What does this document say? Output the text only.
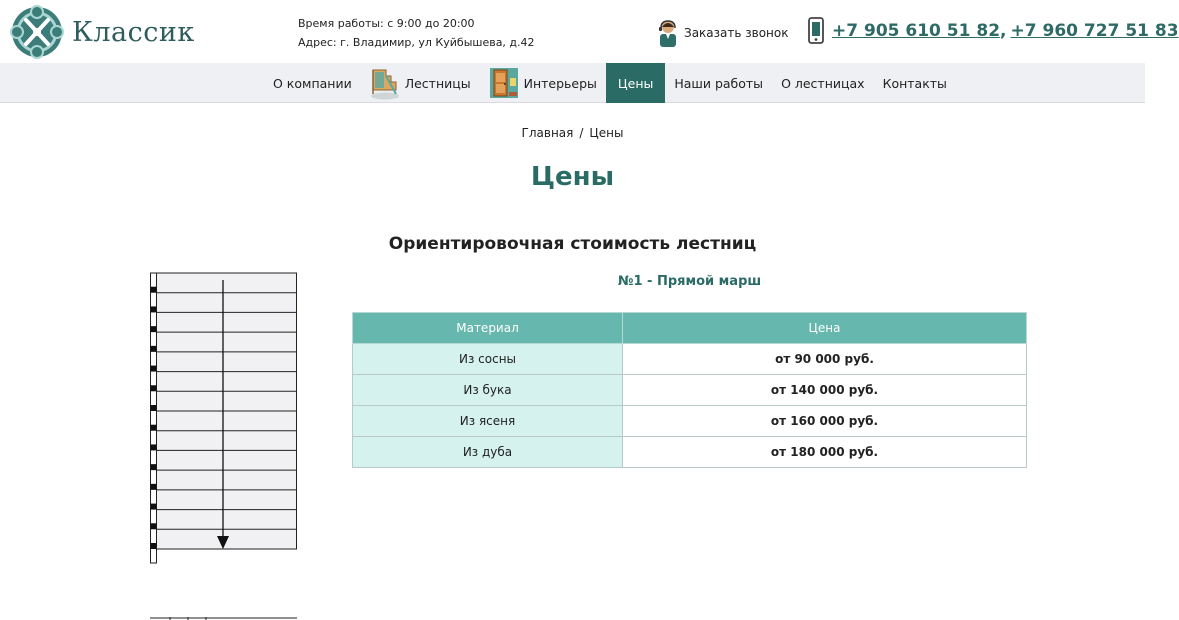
Классик	Время работы: с 9:00 до 20:00
Адрес: г. Владимир, ул Куйбышева, д.42
Заказать звонок	+7 905 610 51 82 , +7 960 727 51 83
О компании	Лестницы	Интерьеры Цены Наши работы О лестницах Контакты
Главная / Цены
Цены
Ориентировочная стоимость лестниц
№1 - Прямой марш
Материал	Цена
Из сосны	от 90 000 руб.
Из бука	от 140 000 руб.
Из ясеня	от 160 000 руб.
Из дуба	от 180 000 руб.
